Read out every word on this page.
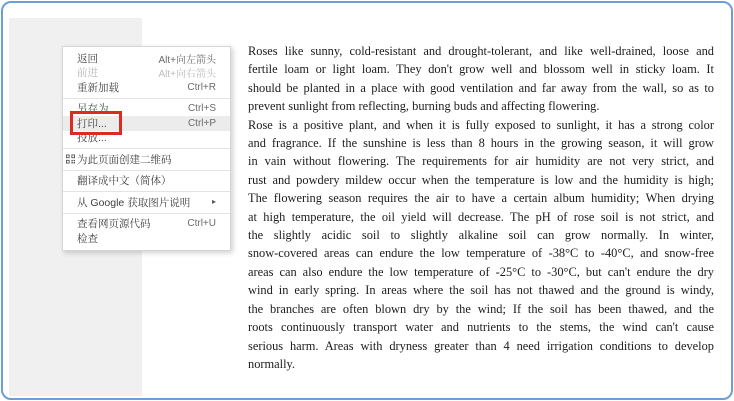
Roses like sunny, cold-resistant and drought-tolerant, and like well-drained, loose and
fertile loam or light loam. They don't grow well and blossom well in sticky loam. It
should be planted in a place with good ventilation and far away from the wall, so as to
prevent sunlight from reflecting, burning buds and affecting flowering.
Rose is a positive plant, and when it is fully exposed to sunlight, it has a strong color
and fragrance. If the sunshine is less than 8 hours in the growing season, it will grow
in vain without flowering. The requirements for air humidity are not very strict, and
rust and powdery mildew occur when the temperature is low and the humidity is high;
The flowering season requires the air to have a certain album humidity; When drying
at high temperature, the oil yield will decrease. The pH of rose soil is not strict, and
the slightly acidic soil to slightly alkaline soil can grow normally. In winter,
snow-covered areas can endure the low temperature of -38°C to -40°C, and snow-free
areas can also endure the low temperature of -25°C to -30°C, but can't endure the dry
wind in early spring. In areas where the soil has not thawed and the ground is windy,
the branches are often blown dry by the wind; If the soil has been thawed, and the
roots continuously transport water and nutrients to the stems, the wind can't cause
serious harm. Areas with dryness greater than 4 need irrigation conditions to develop
normally.
返回	Alt+向左箭头
前进	Alt+向右箭头
重新加载	Ctrl+R
另存为	Ctrl+S
打印...	Ctrl+P
投放...
为此页面创建二维码
翻译成中文（简体）
从 Google 获取图片说明	▸
查看网页源代码	Ctrl+U
检查
